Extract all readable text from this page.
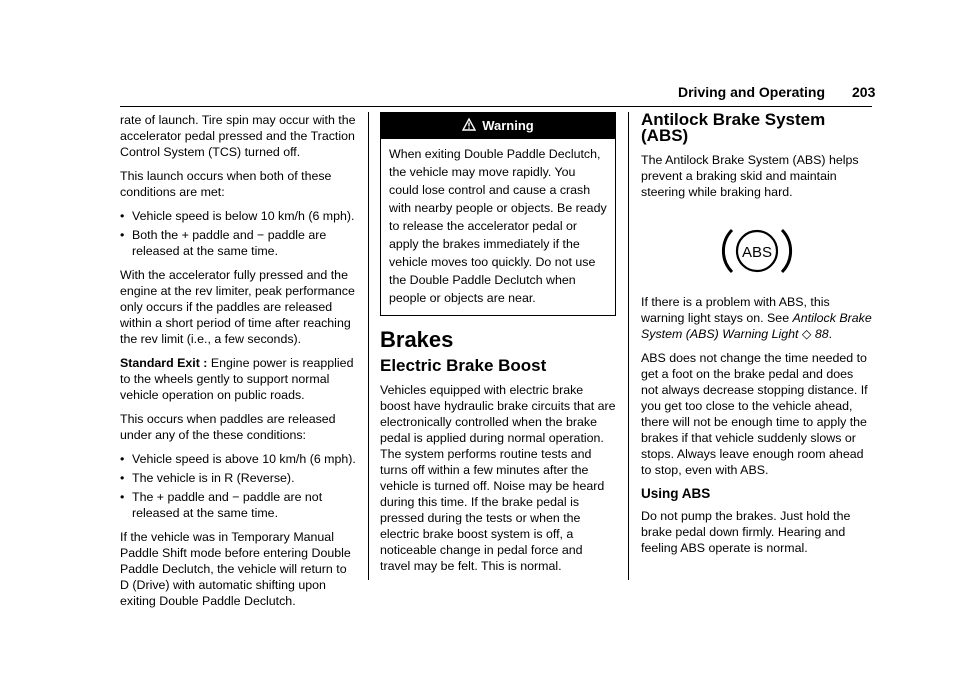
Driving and Operating 203

rate of launch. Tire spin may occur with the accelerator pedal pressed and the Traction Control System (TCS) turned off.

This launch occurs when both of these conditions are met:

• Vehicle speed is below 10 km/h (6 mph).
• Both the + paddle and − paddle are released at the same time.

With the accelerator fully pressed and the engine at the rev limiter, peak performance only occurs if the paddles are released within a short period of time after reaching the rev limit (i.e., a few seconds).

Standard Exit : Engine power is reapplied to the wheels gently to support normal vehicle operation on public roads.

This occurs when paddles are released under any of the these conditions:

• Vehicle speed is above 10 km/h (6 mph).
• The vehicle is in R (Reverse).
• The + paddle and − paddle are not released at the same time.

If the vehicle was in Temporary Manual Paddle Shift mode before entering Double Paddle Declutch, the vehicle will return to D (Drive) with automatic shifting upon exiting Double Paddle Declutch.

Warning
When exiting Double Paddle Declutch, the vehicle may move rapidly. You could lose control and cause a crash with nearby people or objects. Be ready to release the accelerator pedal or apply the brakes immediately if the vehicle moves too quickly. Do not use the Double Paddle Declutch when people or objects are near.
Brakes
Electric Brake Boost

Vehicles equipped with electric brake boost have hydraulic brake circuits that are electronically controlled when the brake pedal is applied during normal operation. The system performs routine tests and turns off within a few minutes after the vehicle is turned off. Noise may be heard during this time. If the brake pedal is pressed during the tests or when the electric brake boost system is off, a noticeable change in pedal force and travel may be felt. This is normal.

Antilock Brake System (ABS)

The Antilock Brake System (ABS) helps prevent a braking skid and maintain steering while braking hard.

ABS

If there is a problem with ABS, this warning light stays on. See Antilock Brake System (ABS) Warning Light ◇ 88.

ABS does not change the time needed to get a foot on the brake pedal and does not always decrease stopping distance. If you get too close to the vehicle ahead, there will not be enough time to apply the brakes if that vehicle suddenly slows or stops. Always leave enough room ahead to stop, even with ABS.

Using ABS

Do not pump the brakes. Just hold the brake pedal down firmly. Hearing and feeling ABS operate is normal.
